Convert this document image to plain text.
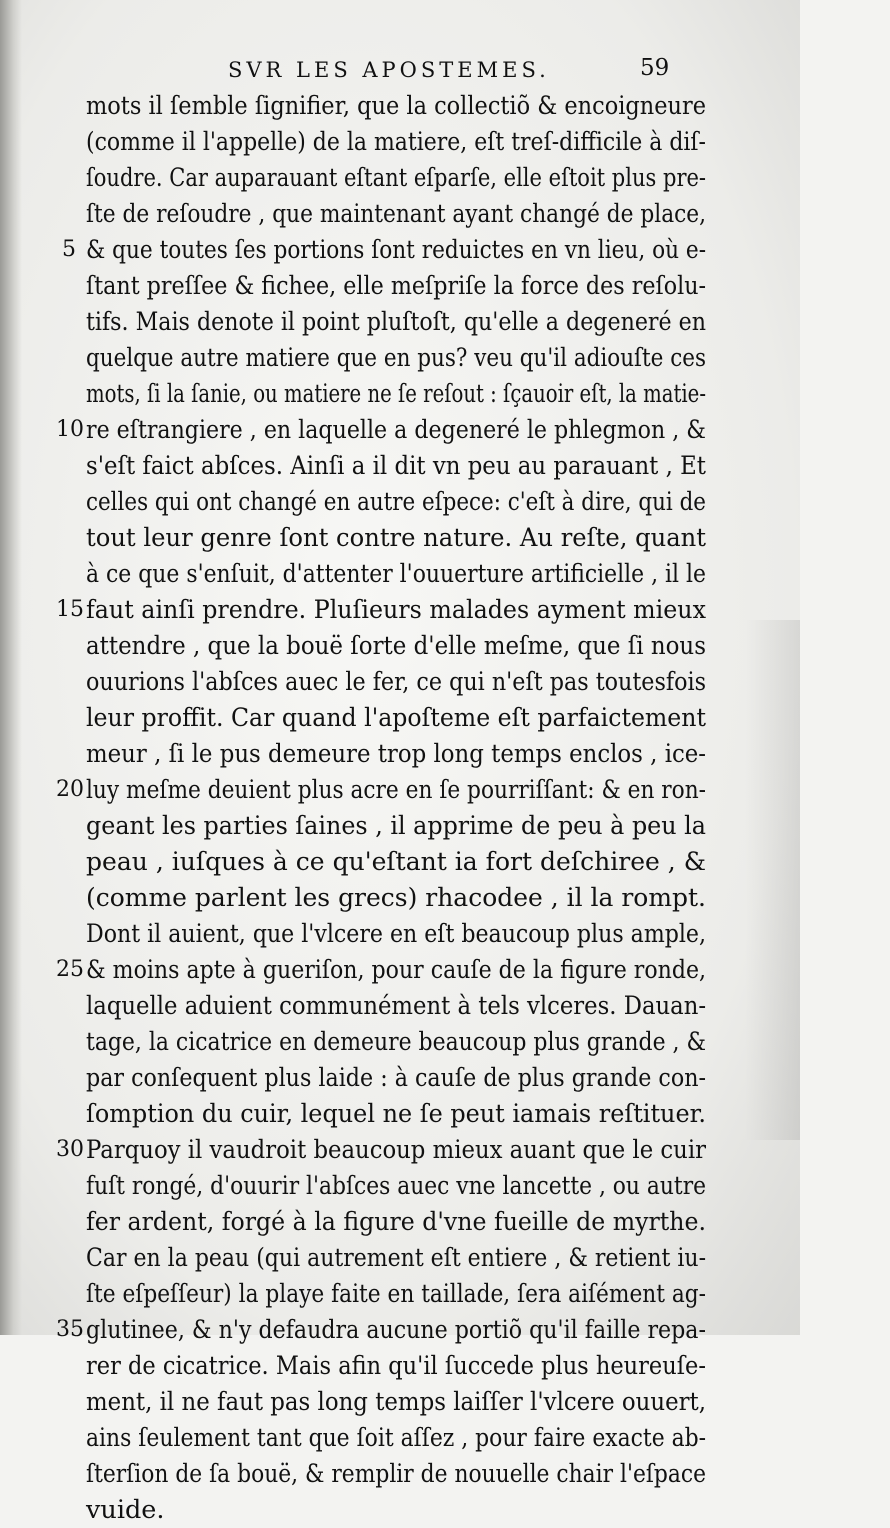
SVR LES APOSTEMES.	59
mots il ſemble ſignifier, que la collectiõ & encoigneure
(comme il l'appelle) de la matiere, eſt treſ-difficile à diſ-
ſoudre. Car auparauant eſtant eſparſe, elle eſtoit plus pre-
ſte de reſoudre , que maintenant ayant changé de place,
5 & que toutes ſes portions ſont reduictes en vn lieu, où e-
ſtant preſſee & fichee, elle meſpriſe la force des reſolu-
tifs. Mais denote il point pluſtoſt, qu'elle a degeneré en
quelque autre matiere que en pus? veu qu'il adiouſte ces
mots, ſi la ſanie, ou matiere ne ſe reſout : ſçauoir eſt, la matie-
10 re eſtrangiere , en laquelle a degeneré le phlegmon , &
s'eſt faict abſces. Ainſi a il dit vn peu au parauant , Et
celles qui ont changé en autre eſpece: c'eſt à dire, qui de
tout leur genre ſont contre nature. Au reſte, quant
à ce que s'enſuit, d'attenter l'ouuerture artificielle , il le
15 faut ainſi prendre. Pluſieurs malades ayment mieux
attendre , que la bouë ſorte d'elle meſme, que ſi nous
ouurions l'abſces auec le fer, ce qui n'eſt pas toutesfois
leur proffit. Car quand l'apoſteme eſt parfaictement
meur , ſi le pus demeure trop long temps enclos , ice-
20 luy meſme deuient plus acre en ſe pourriſſant: & en ron-
geant les parties ſaines , il apprime de peu à peu la
peau , iuſques à ce qu'eſtant ia fort deſchiree , &
(comme parlent les grecs) rhacodee , il la rompt.
Dont il auient, que l'vlcere en eſt beaucoup plus ample,
25 & moins apte à gueriſon, pour cauſe de la figure ronde,
laquelle aduient communément à tels vlceres. Dauan-
tage, la cicatrice en demeure beaucoup plus grande , &
par conſequent plus laide : à cauſe de plus grande con-
ſomption du cuir, lequel ne ſe peut iamais reſtituer.
30 Parquoy il vaudroit beaucoup mieux auant que le cuir
fuſt rongé, d'ouurir l'abſces auec vne lancette , ou autre
fer ardent, forgé à la figure d'vne fueille de myrthe.
Car en la peau (qui autrement eſt entiere , & retient iu-
ſte eſpeſſeur) la playe faite en taillade, ſera aiſément ag-
35 glutinee, & n'y defaudra aucune portiõ qu'il faille repa-
rer de cicatrice. Mais afin qu'il ſuccede plus heureuſe-
ment, il ne faut pas long temps laiſſer l'vlcere ouuert,
ains ſeulement tant que ſoit aſſez , pour faire exacte ab-
ſterſion de ſa bouë, & remplir de nouuelle chair l'eſpace
vuide.
